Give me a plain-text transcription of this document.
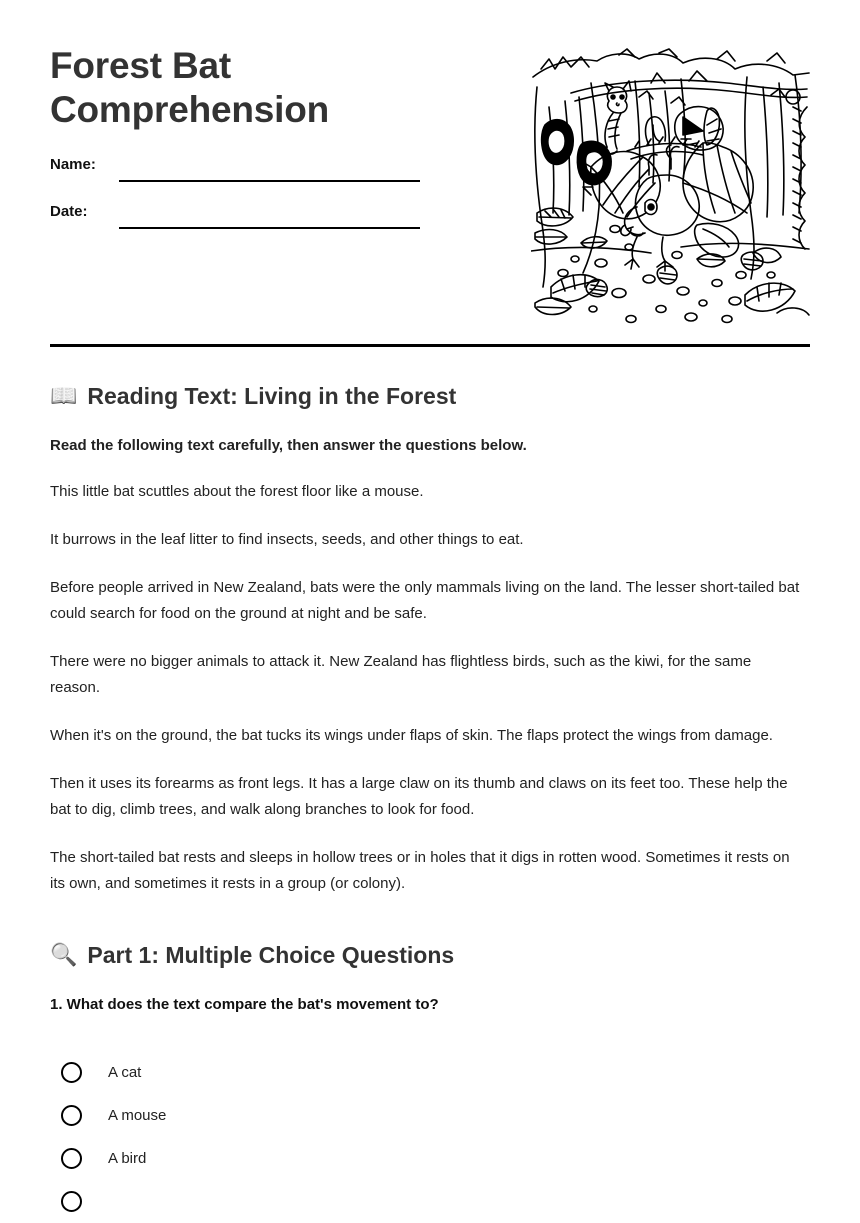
Forest Bat Comprehension
Name:
Date:
📖 Reading Text: Living in the Forest

Read the following text carefully, then answer the questions below.

This little bat scuttles about the forest floor like a mouse.

It burrows in the leaf litter to find insects, seeds, and other things to eat.

Before people arrived in New Zealand, bats were the only mammals living on the land. The lesser short-tailed bat could search for food on the ground at night and be safe.

There were no bigger animals to attack it. New Zealand has flightless birds, such as the kiwi, for the same reason.

When it's on the ground, the bat tucks its wings under flaps of skin. The flaps protect the wings from damage.

Then it uses its forearms as front legs. It has a large claw on its thumb and claws on its feet too. These help the bat to dig, climb trees, and walk along branches to look for food.

The short-tailed bat rests and sleeps in hollow trees or in holes that it digs in rotten wood. Sometimes it rests on its own, and sometimes it rests in a group (or colony).

🔍 Part 1: Multiple Choice Questions

1. What does the text compare the bat's movement to?

A cat
A mouse
A bird
